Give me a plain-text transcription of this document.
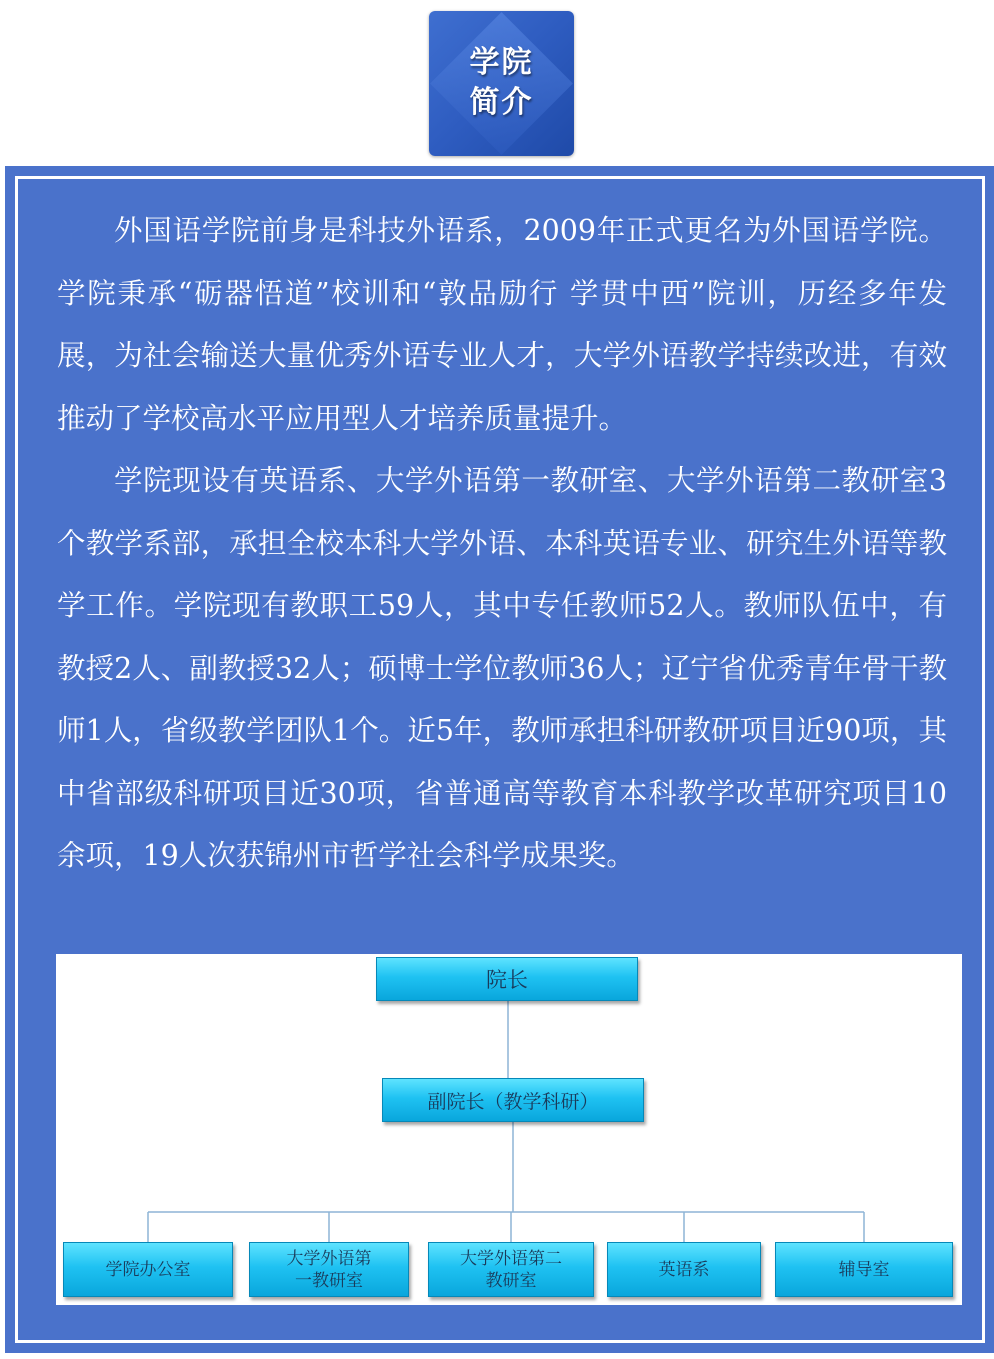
学院
简介

外国语学院前身是科技外语系，2009年正式更名为外国语学院。学院秉承“砺器悟道”校训和“敦品励行 学贯中西”院训，历经多年发展，为社会输送大量优秀外语专业人才，大学外语教学持续改进，有效推动了学校高水平应用型人才培养质量提升。

学院现设有英语系、大学外语第一教研室、大学外语第二教研室3个教学系部，承担全校本科大学外语、本科英语专业、研究生外语等教学工作。学院现有教职工59人，其中专任教师52人。教师队伍中，有教授2人、副教授32人；硕博士学位教师36人；辽宁省优秀青年骨干教师1人，省级教学团队1个。近5年，教师承担科研教研项目近90项，其中省部级科研项目近30项，省普通高等教育本科教学改革研究项目10余项，19人次获锦州市哲学社会科学成果奖。

院长
副院长（教学科研）
学院办公室
大学外语第
一教研室
大学外语第二
教研室
英语系	辅导室
